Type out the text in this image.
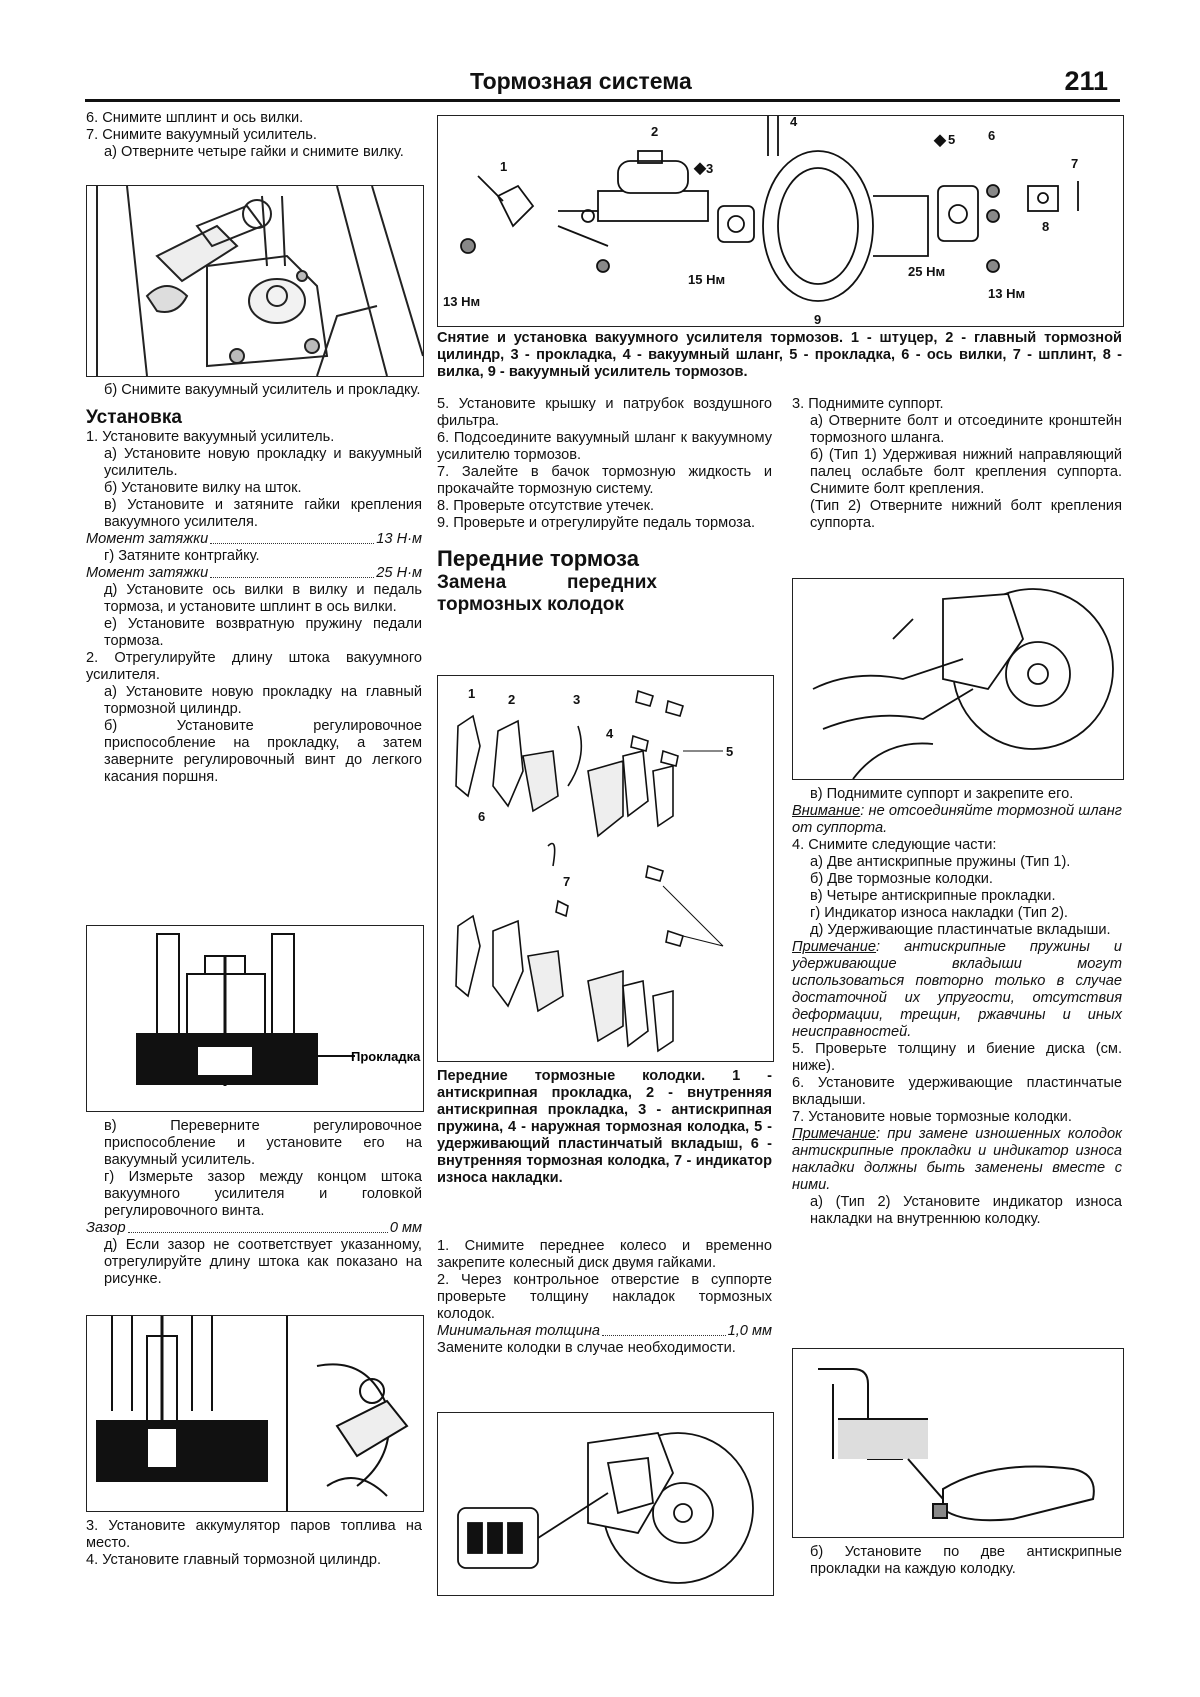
Тормозная система	211

6. Снимите шплинт и ось вилки.

7. Снимите вакуумный усилитель.

а) Отверните четыре гайки и снимите вилку.

б) Снимите вакуумный усилитель и прокладку.

Установка

1. Установите вакуумный усилитель.

а) Установите новую прокладку и вакуумный усилитель.

б) Установите вилку на шток.

в) Установите и затяните гайки крепления вакуумного усилителя.

Момент затяжки	13 Н·м

г) Затяните контргайку.

Момент затяжки	25 Н·м

д) Установите ось вилки в вилку и педаль тормоза, и установите шплинт в ось вилки.

е) Установите возвратную пружину педали тормоза.

2. Отрегулируйте длину штока вакуумного усилителя.

а) Установите новую прокладку на главный тормозной цилиндр.

б) Установите регулировочное приспособление на прокладку, а затем заверните регулировочный винт до легкого касания поршня.

Прокладка

в) Переверните регулировочное приспособление и установите его на вакуумный усилитель.

г) Измерьте зазор между концом штока вакуумного усилителя и головкой регулировочного винта.

Зазор	0 мм

д) Если зазор не соответствует указанному, отрегулируйте длину штока как показано на рисунке.

3. Установите аккумулятор паров топлива на место.

4. Установите главный тормозной цилиндр.

1
2
3
4
5	6
7
8
9
13 Нм
15 Нм
25 Нм
13 Нм
Снятие и установка вакуумного усилителя тормозов. 1 - штуцер, 2 - главный тормозной цилиндр, 3 - прокладка, 4 - вакуумный шланг, 5 - прокладка, 6 - ось вилки, 7 - шплинт, 8 - вилка, 9 - вакуумный усилитель тормозов.

5. Установите крышку и патрубок воздушного фильтра.

6. Подсоедините вакуумный шланг к вакуумному усилителю тормозов.

7. Залейте в бачок тормозную жидкость и прокачайте тормозную систему.

8. Проверьте отсутствие утечек.

9. Проверьте и отрегулируйте педаль тормоза.

Передние тормоза

Замена передних тормозных колодок

1	2	3
4
5
6
7
Передние тормозные колодки. 1 - антискрипная прокладка, 2 - внутренняя антискрипная прокладка, 3 - антискрипная пружина, 4 - наружная тормозная колодка, 5 - удерживающий пластинчатый вкладыш, 6 - внутренняя тормозная колодка, 7 - индикатор износа накладки.

1. Снимите переднее колесо и временно закрепите колесный диск двумя гайками.

2. Через контрольное отверстие в суппорте проверьте толщину накладок тормозных колодок.

Минимальная толщина	1,0 мм

Замените колодки в случае необходимости.

3. Поднимите суппорт.

а) Отверните болт и отсоедините кронштейн тормозного шланга.

б) (Тип 1) Удерживая нижний направляющий палец ослабьте болт крепления суппорта. Снимите болт крепления.

(Тип 2) Отверните нижний болт крепления суппорта.

в) Поднимите суппорт и закрепите его.

Внимание: не отсоединяйте тормозной шланг от суппорта.

4. Снимите следующие части:

а) Две антискрипные пружины (Тип 1).

б) Две тормозные колодки.

в) Четыре антискрипные прокладки.

г) Индикатор износа накладки (Тип 2).

д) Удерживающие пластинчатые вкладыши.

Примечание: антискрипные пружины и удерживающие вкладыши могут использоваться повторно только в случае достаточной их упругости, отсутствия деформации, трещин, ржавчины и иных неисправностей.

5. Проверьте толщину и биение диска (см. ниже).

6. Установите удерживающие пластинчатые вкладыши.

7. Установите новые тормозные колодки.

Примечание: при замене изношенных колодок антискрипные прокладки и индикатор износа накладки должны быть заменены вместе с ними.

а) (Тип 2) Установите индикатор износа накладки на внутреннюю колодку.

б) Установите по две антискрипные прокладки на каждую колодку.
